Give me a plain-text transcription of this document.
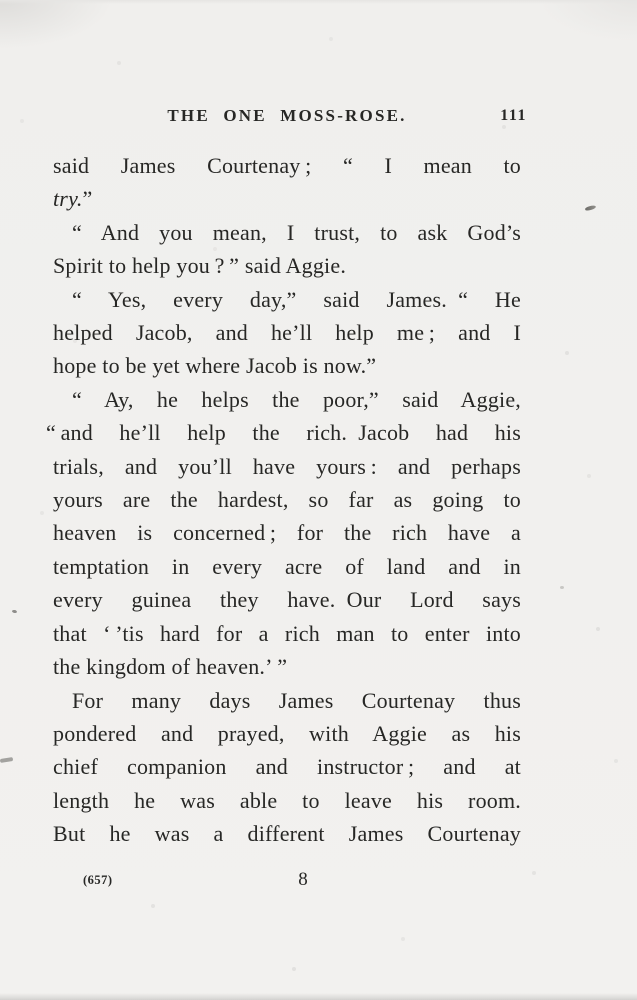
THE ONE MOSS-ROSE.	111
said James Courtenay ; “ I mean to
try.”
“ And you mean, I trust, to ask God’s
Spirit to help you ? ” said Aggie.
“ Yes, every day,” said James. “ He
helped Jacob, and he’ll help me ; and I
hope to be yet where Jacob is now.”
“ Ay, he helps the poor,” said Aggie,
“ and he’ll help the rich. Jacob had his
trials, and you’ll have yours : and perhaps
yours are the hardest, so far as going to
heaven is concerned ; for the rich have a
temptation in every acre of land and in
every guinea they have. Our Lord says
that ‘ ’tis hard for a rich man to enter into
the kingdom of heaven.’ ”
For many days James Courtenay thus
pondered and prayed, with Aggie as his
chief companion and instructor ; and at
length he was able to leave his room.
But he was a different James Courtenay
(657)	8
